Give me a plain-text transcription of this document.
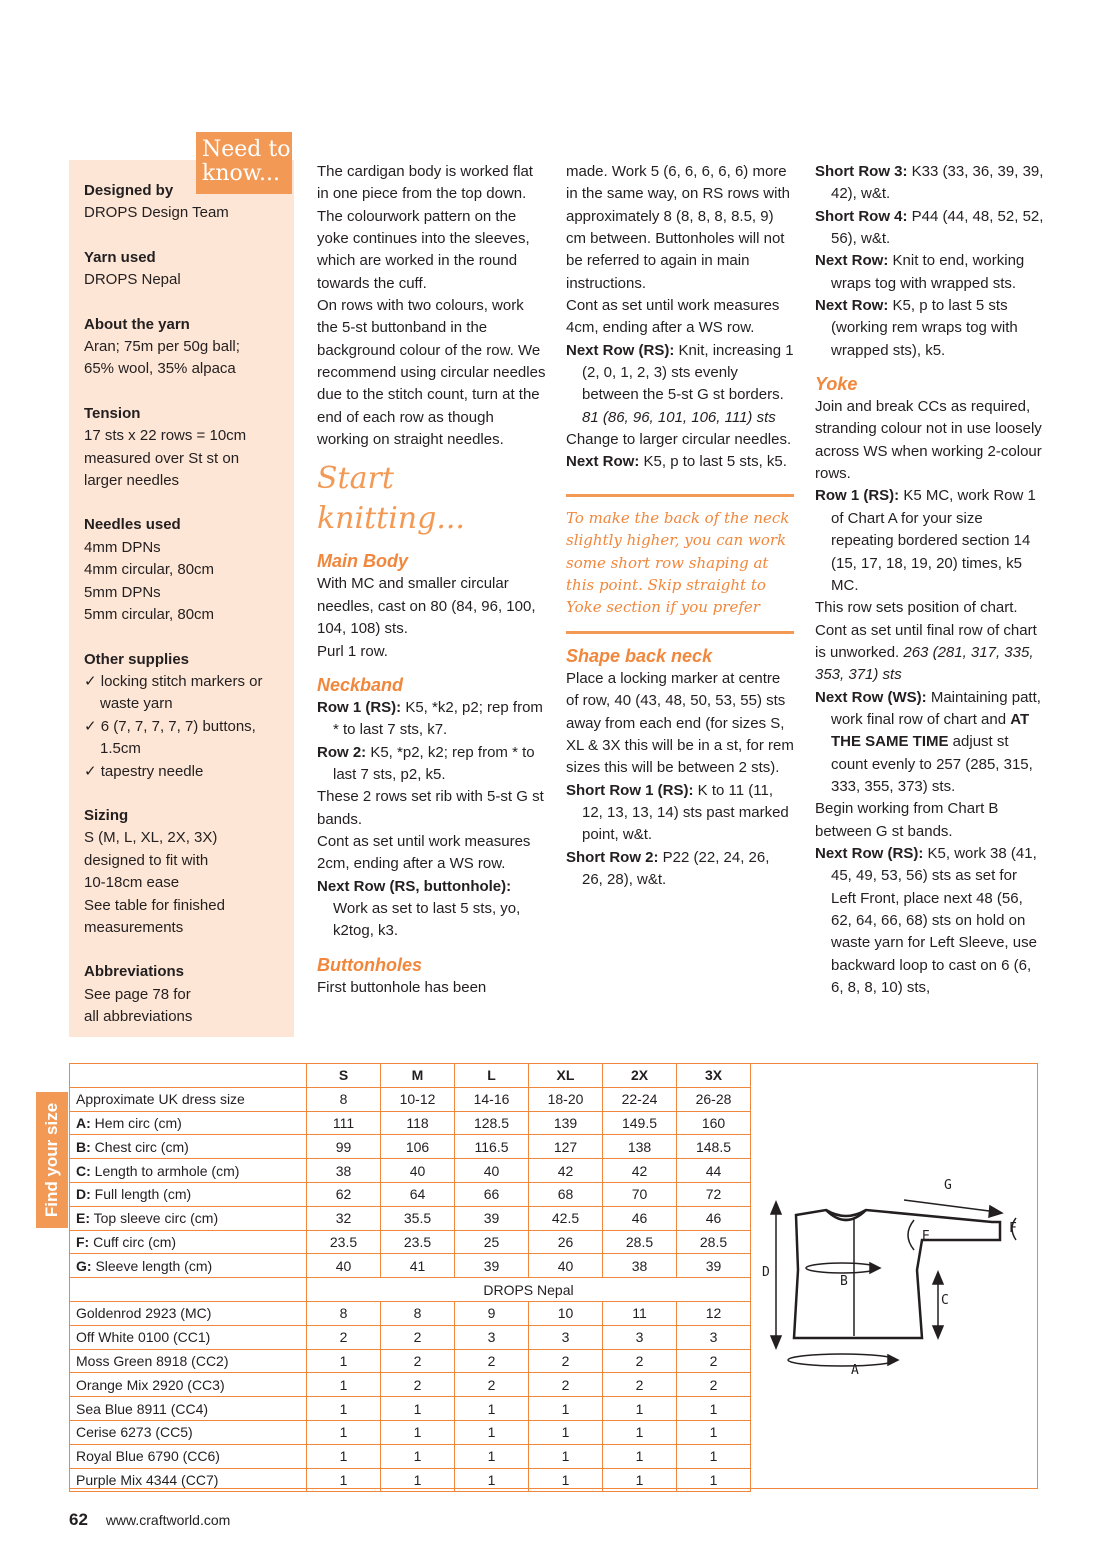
Need to
know...
Designed by
DROPS Design Team
Yarn used
DROPS Nepal
About the yarn
Aran; 75m per 50g ball;
65% wool, 35% alpaca
Tension
17 sts x 22 rows = 10cm
measured over St st on
larger needles
Needles used
4mm DPNs
4mm circular, 80cm
5mm DPNs
5mm circular, 80cm
Other supplies
✓ locking stitch markers or waste yarn
✓ 6 (7, 7, 7, 7, 7) buttons, 1.5cm
✓ tapestry needle
Sizing
S (M, L, XL, 2X, 3X)
designed to fit with
10-18cm ease
See table for finished
measurements
Abbreviations
See page 78 for
all abbreviations

The cardigan body is worked flat in one piece from the top down. The colourwork pattern on the yoke continues into the sleeves, which are worked in the round towards the cuff.

On rows with two colours, work the 5-st buttonband in the background colour of the row. We recommend using circular needles due to the stitch count, turn at the end of each row as though working on straight needles.

Start knitting...
Main Body

With MC and smaller circular needles, cast on 80 (84, 96, 100, 104, 108) sts.

Purl 1 row.

Neckband

Row 1 (RS): K5, *k2, p2; rep from * to last 7 sts, k7.

Row 2: K5, *p2, k2; rep from * to last 7 sts, p2, k5.

These 2 rows set rib with 5-st G st bands.

Cont as set until work measures 2cm, ending after a WS row.

Next Row (RS, buttonhole):

Work as set to last 5 sts, yo, k2tog, k3.

Buttonholes

First buttonhole has been

made. Work 5 (6, 6, 6, 6, 6) more in the same way, on RS rows with approximately 8 (8, 8, 8, 8.5, 9) cm between. Buttonholes will not be referred to again in main instructions.

Cont as set until work measures 4cm, ending after a WS row.

Next Row (RS): Knit, increasing 1 (2, 0, 1, 2, 3) sts evenly between the 5-st G st borders. 81 (86, 96, 101, 106, 111) sts

Change to larger circular needles.

Next Row: K5, p to last 5 sts, k5.

To make the back of the neck slightly higher, you can work some short row shaping at this point. Skip straight to Yoke section if you prefer
Shape back neck

Place a locking marker at centre of row, 40 (43, 48, 50, 53, 55) sts away from each end (for sizes S, XL & 3X this will be in a st, for rem sizes this will be between 2 sts).

Short Row 1 (RS): K to 11 (11, 12, 13, 13, 14) sts past marked point, w&t.

Short Row 2: P22 (22, 24, 26, 26, 28), w&t.

Short Row 3: K33 (33, 36, 39, 39, 42), w&t.

Short Row 4: P44 (44, 48, 52, 52, 56), w&t.

Next Row: Knit to end, working wraps tog with wrapped sts.

Next Row: K5, p to last 5 sts (working rem wraps tog with wrapped sts), k5.

Yoke

Join and break CCs as required, stranding colour not in use loosely across WS when working 2-colour rows.

Row 1 (RS): K5 MC, work Row 1 of Chart A for your size repeating bordered section 14 (15, 17, 18, 19, 20) times, k5 MC.

This row sets position of chart.

Cont as set until final row of chart is unworked. 263 (281, 317, 335, 353, 371) sts

Next Row (WS): Maintaining patt, work final row of chart and AT THE SAME TIME adjust st count evenly to 257 (285, 315, 333, 355, 373) sts.

Begin working from Chart B between G st bands.

Next Row (RS): K5, work 38 (41, 45, 49, 53, 56) sts as set for Left Front, place next 48 (56, 62, 64, 66, 68) sts on hold on waste yarn for Left Sleeve, use backward loop to cast on 6 (6, 6, 8, 8, 10) sts,

Find your size
	S	M	L	XL	2X	3X
Approximate UK dress size	8	10-12	14-16	18-20	22-24	26-28
A: Hem circ (cm)	111	118	128.5	139	149.5	160
B: Chest circ (cm)	99	106	116.5	127	138	148.5
C: Length to armhole (cm)	38	40	40	42	42	44
D: Full length (cm)	62	64	66	68	70	72
E: Top sleeve circ (cm)	32	35.5	39	42.5	46	46
F: Cuff circ (cm)	23.5	23.5	25	26	28.5	28.5
G: Sleeve length (cm)	40	41	39	40	38	39
	DROPS Nepal					
Goldenrod 2923 (MC)	8	8	9	10	11	12
Off White 0100 (CC1)	2	2	3	3	3	3
Moss Green 8918 (CC2)	1	2	2	2	2	2
Orange Mix 2920 (CC3)	1	2	2	2	2	2
Sea Blue 8911 (CC4)	1	1	1	1	1	1
Cerise 6273 (CC5)	1	1	1	1	1	1
Royal Blue 6790 (CC6)	1	1	1	1	1	1
Purple Mix 4344 (CC7)	1	1	1	1	1	1
D
C
G
B
A
E
F
62 www.craftworld.com
